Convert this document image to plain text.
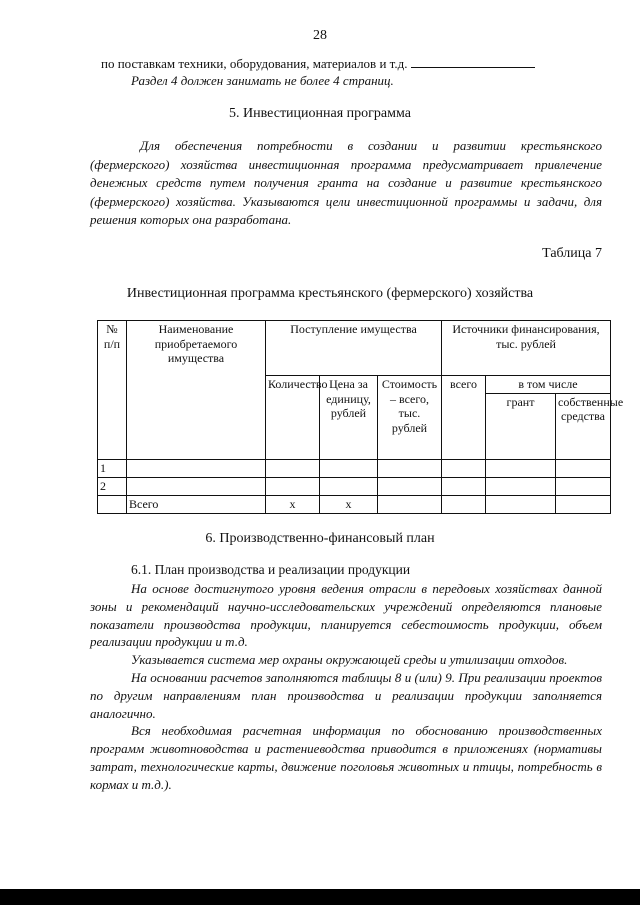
28
по поставкам техники, оборудования, материалов и т.д.
Раздел 4 должен занимать не более 4 страниц.
5. Инвестиционная программа
Для обеспечения потребности в создании и развитии крестьянского (фермерского) хозяйства инвестиционная программа предусматривает привлечение денежных средств путем получения гранта на создание и развитие крестьянского (фермерского) хозяйства. Указываются цели инвестиционной программы и задачи, для решения которых она разработана.
Таблица 7
Инвестиционная программа крестьянского (фермерского) хозяйства
№ п/п	Наименование приобретаемого имущества	Поступление имущества			Источники финансирования, тыс. рублей		
		Количество	Цена за единицу, рублей	Стоимость – всего, тыс. рублей	всего	в том числе	
						грант	собственные средства
1							
2							
	Всего	х	х				
6. Производственно-финансовый план
6.1. План производства и реализации продукции

На основе достигнутого уровня ведения отрасли в передовых хозяйствах данной зоны и рекомендаций научно-исследовательских учреждений определяются плановые показатели производства продукции, планируется себестоимость продукции, объем реализации продукции и т.д.

Указывается система мер охраны окружающей среды и утилизации отходов.

На основании расчетов заполняются таблицы 8 и (или) 9. При реализации проектов по другим направлениям план производства и реализации продукции заполняется аналогично.

Вся необходимая расчетная информация по обоснованию производственных программ животноводства и растениеводства приводится в приложениях (нормативы затрат, технологические карты, движение поголовья животных и птицы, потребность в кормах и т.д.).
